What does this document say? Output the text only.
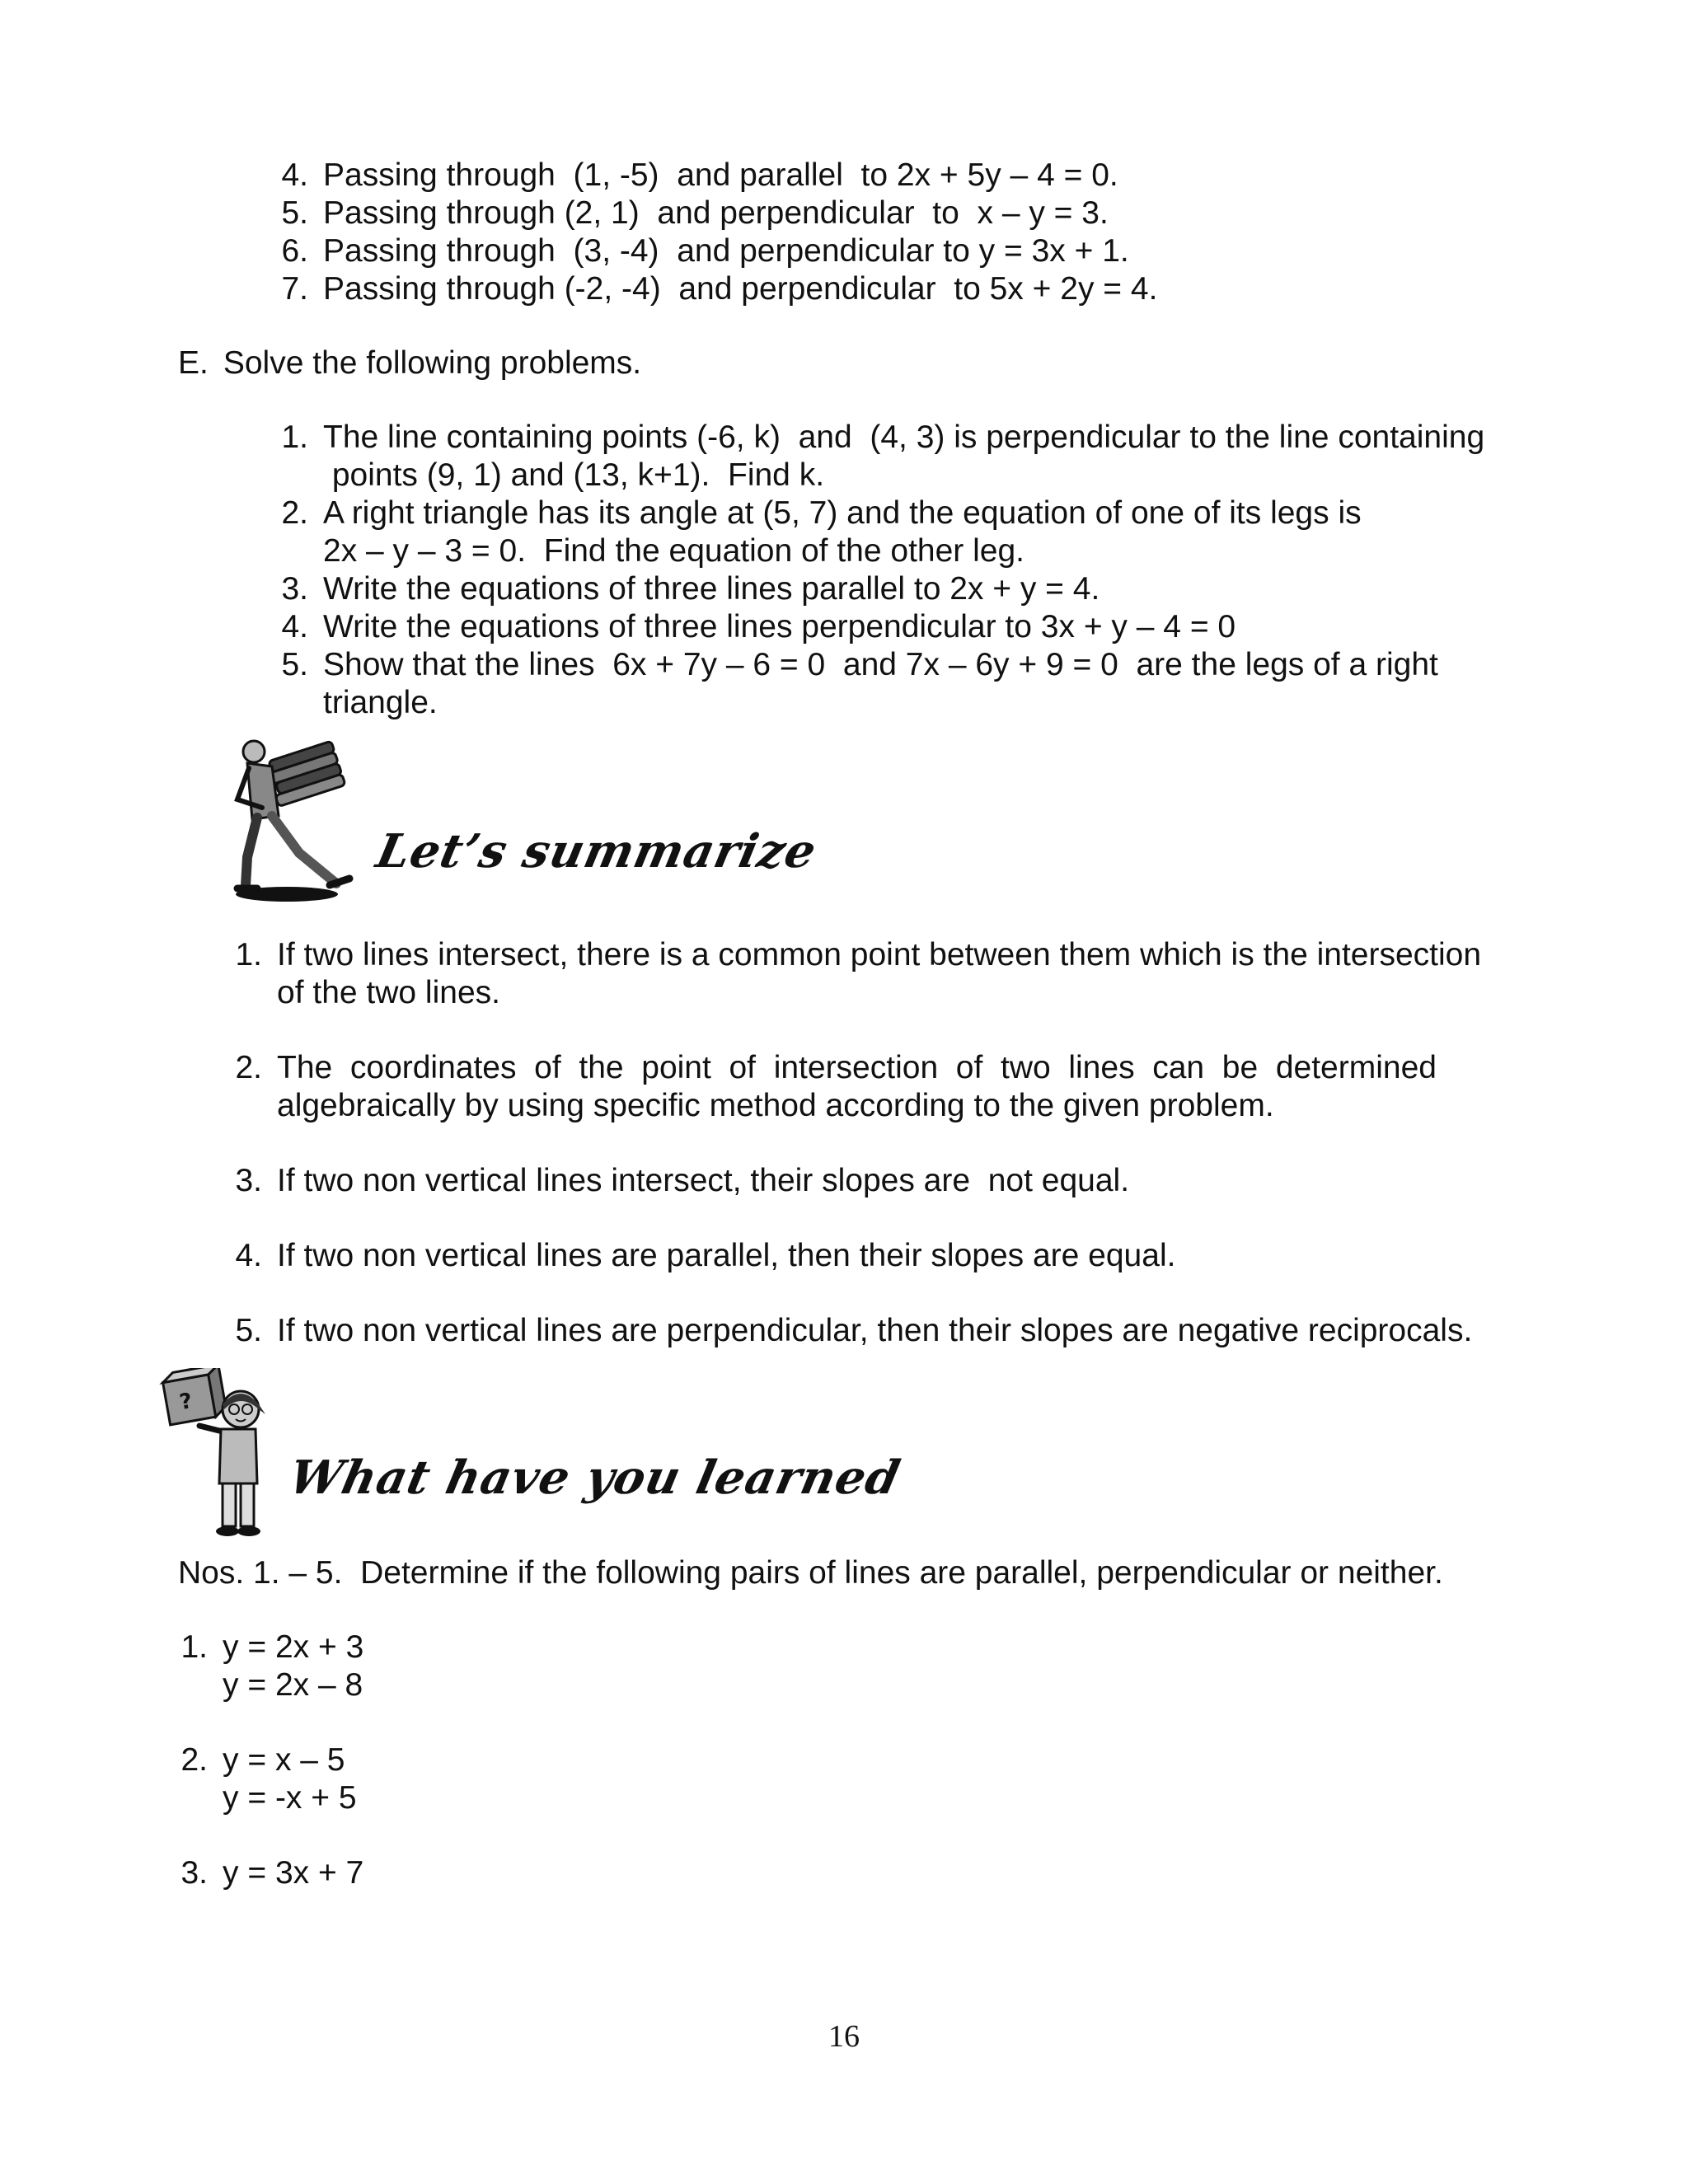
4. Passing through  (1, -5)  and parallel  to 2x + 5y – 4 = 0.
5. Passing through (2, 1)  and perpendicular  to  x – y = 3.
6. Passing through  (3, -4)  and perpendicular to y = 3x + 1.
7. Passing through (-2, -4)  and perpendicular  to 5x + 2y = 4.
E. Solve the following problems.
1. The line containing points (-6, k)  and  (4, 3) is perpendicular to the line containing
points (9, 1) and (13, k+1).  Find k.
2. A right triangle has its angle at (5, 7) and the equation of one of its legs is
2x – y – 3 = 0.  Find the equation of the other leg.
3. Write the equations of three lines parallel to 2x + y = 4.
4. Write the equations of three lines perpendicular to 3x + y – 4 = 0
5. Show that the lines  6x + 7y – 6 = 0  and 7x – 6y + 9 = 0  are the legs of a right
triangle.
Let’s summarize
1. If two lines intersect, there is a common point between them which is the intersection
of the two lines.
2. The  coordinates  of  the  point  of  intersection  of  two  lines  can  be  determined
algebraically by using specific method according to the given problem.
3. If two non vertical lines intersect, their slopes are  not equal.
4. If two non vertical lines are parallel, then their slopes are equal.
5. If two non vertical lines are perpendicular, then their slopes are negative reciprocals.
?
What have you learned
Nos. 1. – 5.  Determine if the following pairs of lines are parallel, perpendicular or neither.
1. y = 2x + 3
y = 2x – 8
2. y = x – 5
y = -x + 5
3. y = 3x + 7
16
